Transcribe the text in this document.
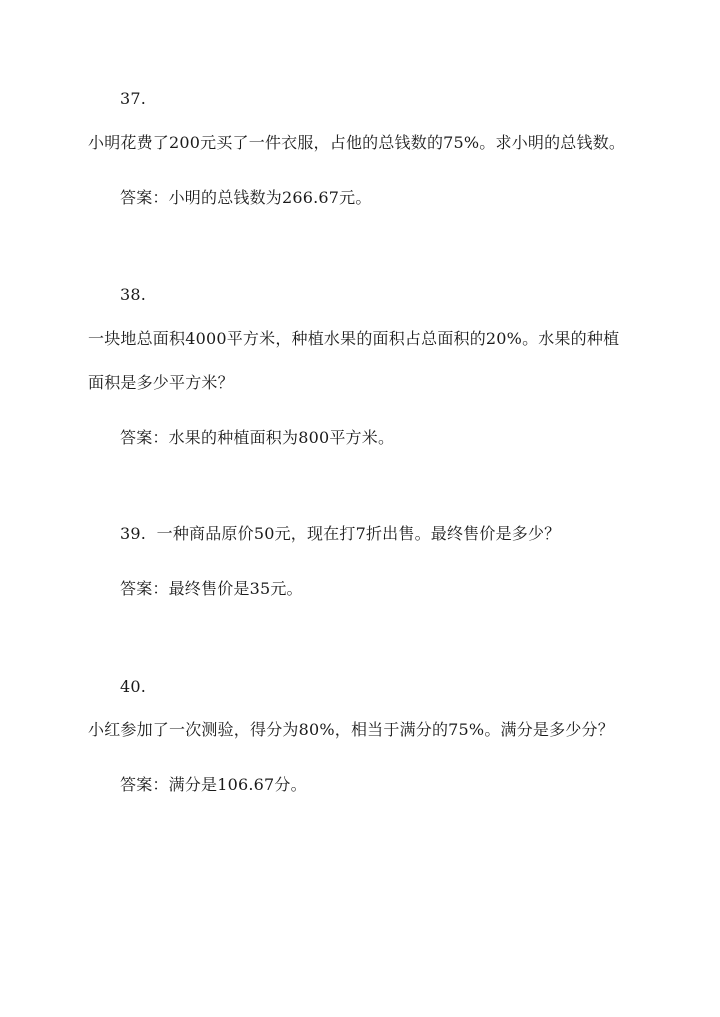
37.
小明花费了200元买了一件衣服，占他的总钱数的75%。求小明的总钱数。
答案：小明的总钱数为266.67元。
38.
一块地总面积4000平方米，种植水果的面积占总面积的20%。水果的种植
面积是多少平方米？
答案：水果的种植面积为800平方米。
39. 一种商品原价50元，现在打7折出售。最终售价是多少？
答案：最终售价是35元。
40.
小红参加了一次测验，得分为80%，相当于满分的75%。满分是多少分？
答案：满分是106.67分。
